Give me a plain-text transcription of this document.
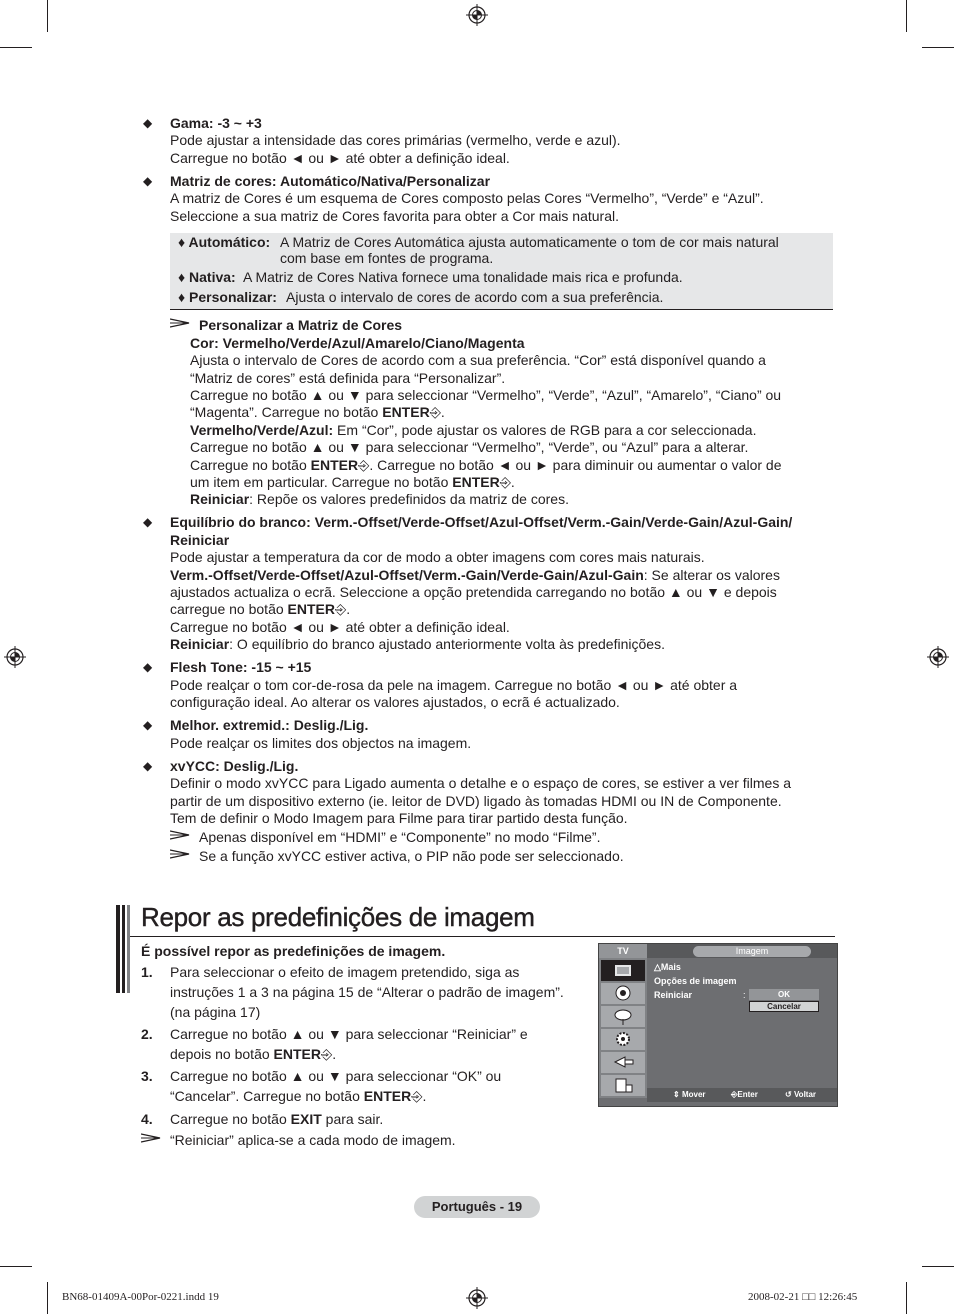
◆ Gama: -3 ~ +3
Pode ajustar a intensidade das cores primárias (vermelho, verde e azul).
Carregue no botão ◄ ou ► até obter a definição ideal.
◆ Matriz de cores: Automático/Nativa/Personalizar
A matriz de Cores é um esquema de Cores composto pelas Cores “Vermelho”, “Verde” e “Azul”.
Seleccione a sua matriz de Cores favorita para obter a Cor mais natural.
♦ Automático: A Matriz de Cores Automática ajusta automaticamente o tom de cor mais natural
com base em fontes de programa.
♦ Nativa: A Matriz de Cores Nativa fornece uma tonalidade mais rica e profunda.
♦ Personalizar: Ajusta o intervalo de cores de acordo com a sua preferência.
Personalizar a Matriz de Cores
Cor: Vermelho/Verde/Azul/Amarelo/Ciano/Magenta
Ajusta o intervalo de Cores de acordo com a sua preferência. “Cor” está disponível quando a
“Matriz de cores” está definida para “Personalizar”.
Carregue no botão ▲ ou ▼ para seleccionar “Vermelho”, “Verde”, “Azul”, “Amarelo”, “Ciano” ou
“Magenta”. Carregue no botão ENTER⎆.
Vermelho/Verde/Azul: Em “Cor”, pode ajustar os valores de RGB para a cor seleccionada.
Carregue no botão ▲ ou ▼ para seleccionar “Vermelho”, “Verde”, ou “Azul” para a alterar.
Carregue no botão ENTER⎆. Carregue no botão ◄ ou ► para diminuir ou aumentar o valor de
um item em particular. Carregue no botão ENTER⎆.
Reiniciar: Repõe os valores predefinidos da matriz de cores.
◆ Equilíbrio do branco: Verm.-Offset/Verde-Offset/Azul-Offset/Verm.-Gain/Verde-Gain/Azul-Gain/
Reiniciar
Pode ajustar a temperatura da cor de modo a obter imagens com cores mais naturais.
Verm.-Offset/Verde-Offset/Azul-Offset/Verm.-Gain/Verde-Gain/Azul-Gain: Se alterar os valores
ajustados actualiza o ecrã. Seleccione a opção pretendida carregando no botão ▲ ou ▼ e depois
carregue no botão ENTER⎆.
Carregue no botão ◄ ou ► até obter a definição ideal.
Reiniciar: O equilíbrio do branco ajustado anteriormente volta às predefinições.
◆ Flesh Tone: -15 ~ +15
Pode realçar o tom cor-de-rosa da pele na imagem. Carregue no botão ◄ ou ► até obter a
configuração ideal. Ao alterar os valores ajustados, o ecrã é actualizado.
◆ Melhor. extremid.: Deslig./Lig.
Pode realçar os limites dos objectos na imagem.
◆ xvYCC: Deslig./Lig.
Definir o modo xvYCC para Ligado aumenta o detalhe e o espaço de cores, se estiver a ver filmes a
partir de um dispositivo externo (ie. leitor de DVD) ligado às tomadas HDMI ou IN de Componente.
Tem de definir o Modo Imagem para Filme para tirar partido desta função.
Apenas disponível em “HDMI” e “Componente” no modo “Filme”.
Se a função xvYCC estiver activa, o PIP não pode ser seleccionado.
Repor as predefinições de imagem
É possível repor as predefinições de imagem.
1. Para seleccionar o efeito de imagem pretendido, siga as
instruções 1 a 3 na página 15 de “Alterar o padrão de imagem”.
(na página 17)
2. Carregue no botão ▲ ou ▼ para seleccionar “Reiniciar” e
depois no botão ENTER⎆.
3. Carregue no botão ▲ ou ▼ para seleccionar “OK” ou
“Cancelar”. Carregue no botão ENTER⎆.
4. Carregue no botão EXIT para sair.
“Reiniciar” aplica-se a cada modo de imagem.
TV	Imagem
△Mais
Opções de imagem
Reiniciar	:	OK
Cancelar
⇕ Mover	⎆Enter	↺ Voltar
Português - 19
BN68-01409A-00Por-0221.indd 19	2008-02-21 □□ 12:26:45
